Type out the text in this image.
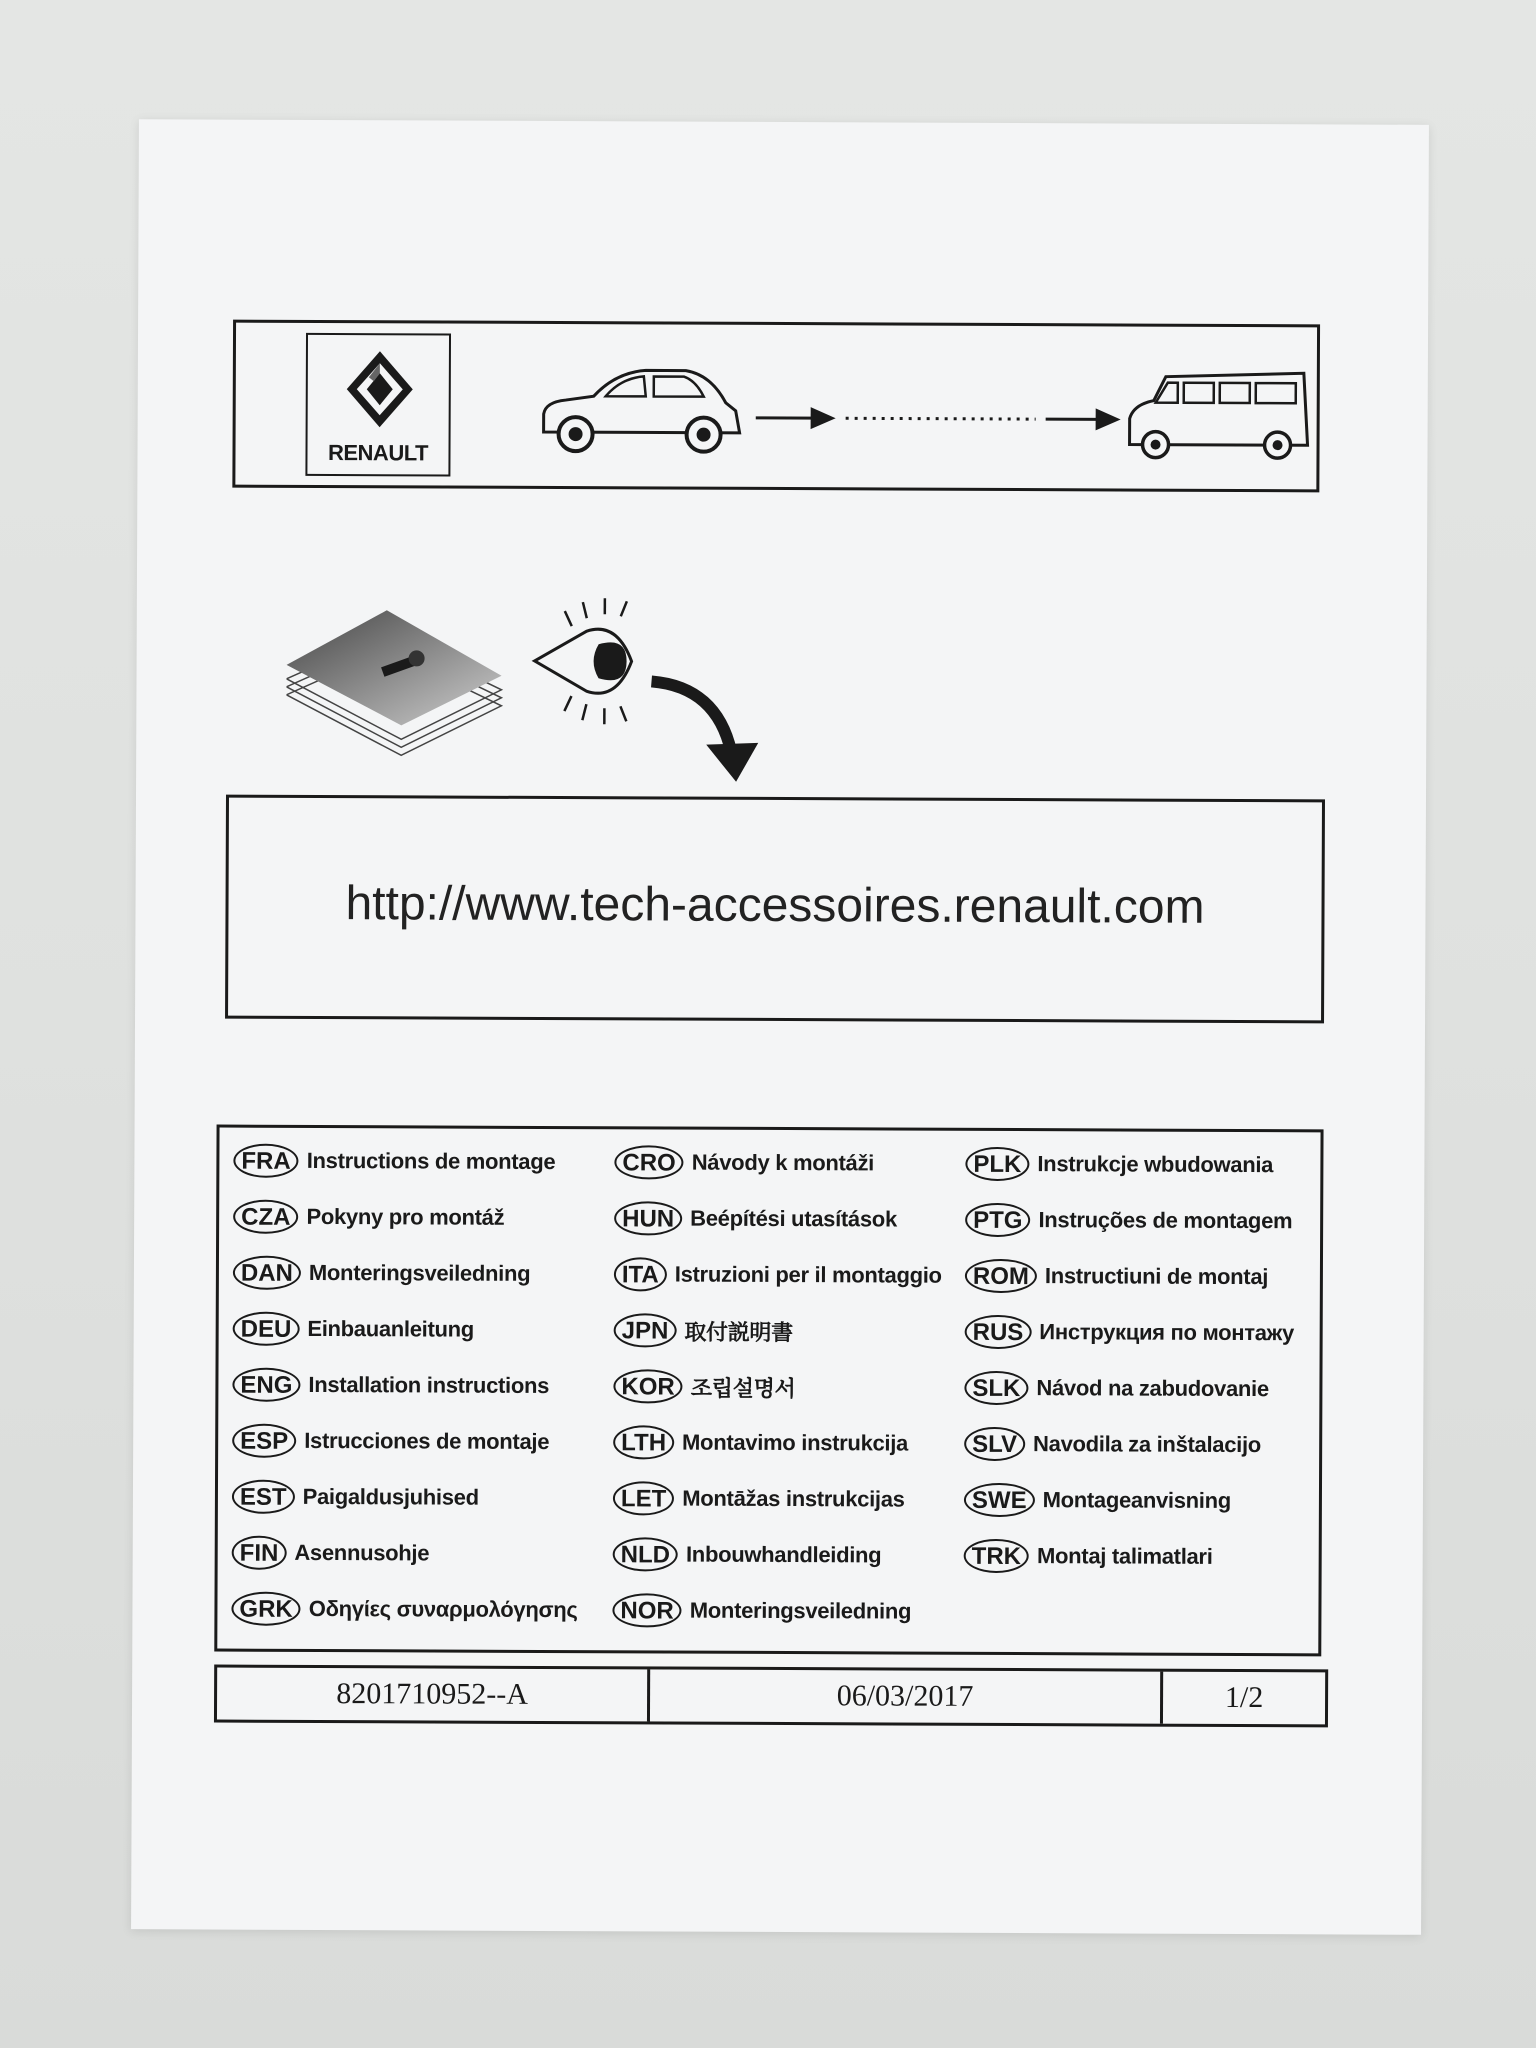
RENAULT
http://www.tech-accessoires.renault.com
FRA Instructions de montage
CZA Pokyny pro montáž
DAN Monteringsveiledning
DEU Einbauanleitung
ENG Installation instructions
ESP Istrucciones de montaje
EST Paigaldusjuhised
FIN Asennusohje
GRK Οδηγίες συναρμολόγησης
CRO Návody k montáži
HUN Beépítési utasítások
ITA Istruzioni per il montaggio
JPN 取付説明書
KOR 조립설명서
LTH Montavimo instrukcija
LET Montāžas instrukcijas
NLD Inbouwhandleiding
NOR Monteringsveiledning
PLK Instrukcje wbudowania
PTG Instruções de montagem
ROM Instructiuni de montaj
RUS Инструкция по монтажу
SLK Návod na zabudovanie
SLV Navodila za inštalacijo
SWE Montageanvisning
TRK Montaj talimatlari
8201710952--A	06/03/2017	1/2
